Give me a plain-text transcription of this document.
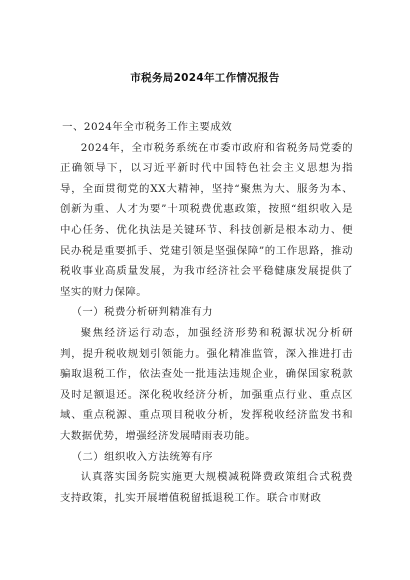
市税务局2024年工作情况报告

一、2024年全市税务工作主要成效

2024年，全市税务系统在市委市政府和省税务局党委的正确领导下，以习近平新时代中国特色社会主义思想为指导，全面贯彻党的XX大精神，坚持“聚焦为大、服务为本、创新为重、人才为要”十项税费优惠政策，按照“组织收入是中心任务、优化执法是关键环节、科技创新是根本动力、便民办税是重要抓手、党建引领是坚强保障”的工作思路，推动税收事业高质量发展，为我市经济社会平稳健康发展提供了坚实的财力保障。

（一）税费分析研判精准有力

聚焦经济运行动态，加强经济形势和税源状况分析研判，提升税收规划引领能力。强化精准监管，深入推进打击骗取退税工作，依法查处一批违法违规企业，确保国家税款及时足额退还。深化税收经济分析，加强重点行业、重点区域、重点税源、重点项目税收分析，发挥税收经济监发书和大数据优势，增强经济发展晴雨表功能。

（二）组织收入方法统筹有序

认真落实国务院实施更大规模减税降费政策组合式税费支持政策，扎实开展增值税留抵退税工作。联合市财政
